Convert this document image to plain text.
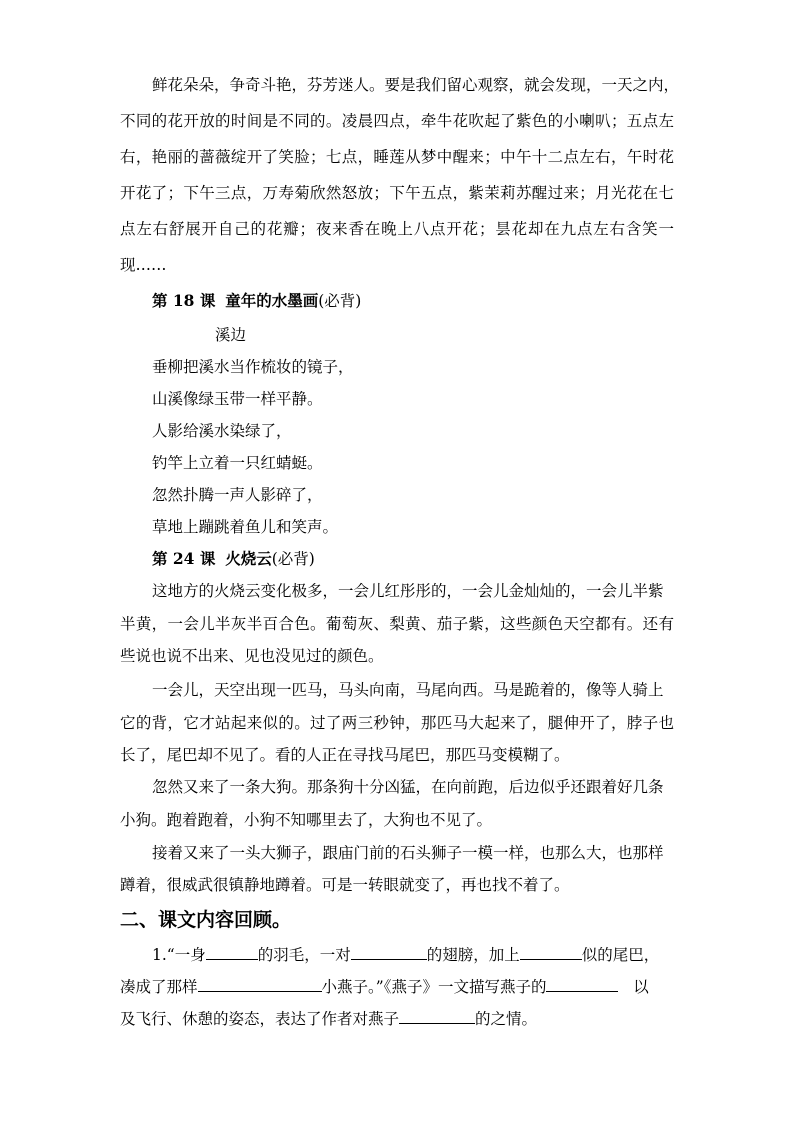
鲜花朵朵，争奇斗艳，芬芳迷人。要是我们留心观察，就会发现，一天之内，
不同的花开放的时间是不同的。凌晨四点，牵牛花吹起了紫色的小喇叭；五点左
右，艳丽的蔷薇绽开了笑脸；七点，睡莲从梦中醒来；中午十二点左右，午时花
开花了；下午三点，万寿菊欣然怒放；下午五点，紫茉莉苏醒过来；月光花在七
点左右舒展开自己的花瓣；夜来香在晚上八点开花；昙花却在九点左右含笑一
现……
第 18 课 童年的水墨画(必背)
溪边
垂柳把溪水当作梳妆的镜子，
山溪像绿玉带一样平静。
人影给溪水染绿了，
钓竿上立着一只红蜻蜓。
忽然扑腾一声人影碎了，
草地上蹦跳着鱼儿和笑声。
第 24 课 火烧云(必背)
这地方的火烧云变化极多，一会儿红彤彤的，一会儿金灿灿的，一会儿半紫
半黄，一会儿半灰半百合色。葡萄灰、梨黄、茄子紫，这些颜色天空都有。还有
些说也说不出来、见也没见过的颜色。
一会儿，天空出现一匹马，马头向南，马尾向西。马是跪着的，像等人骑上
它的背，它才站起来似的。过了两三秒钟，那匹马大起来了，腿伸开了，脖子也
长了，尾巴却不见了。看的人正在寻找马尾巴，那匹马变模糊了。
忽然又来了一条大狗。那条狗十分凶猛，在向前跑，后边似乎还跟着好几条
小狗。跑着跑着，小狗不知哪里去了，大狗也不见了。
接着又来了一头大狮子，跟庙门前的石头狮子一模一样，也那么大，也那样
蹲着，很威武很镇静地蹲着。可是一转眼就变了，再也找不着了。
二、课文内容回顾。
1.“一身	的羽毛，一对	的翅膀，加上	似的尾巴，
凑成了那样	小燕子。”《燕子》一文描写燕子的	以
及飞行、休憩的姿态，表达了作者对燕子	的之情。
